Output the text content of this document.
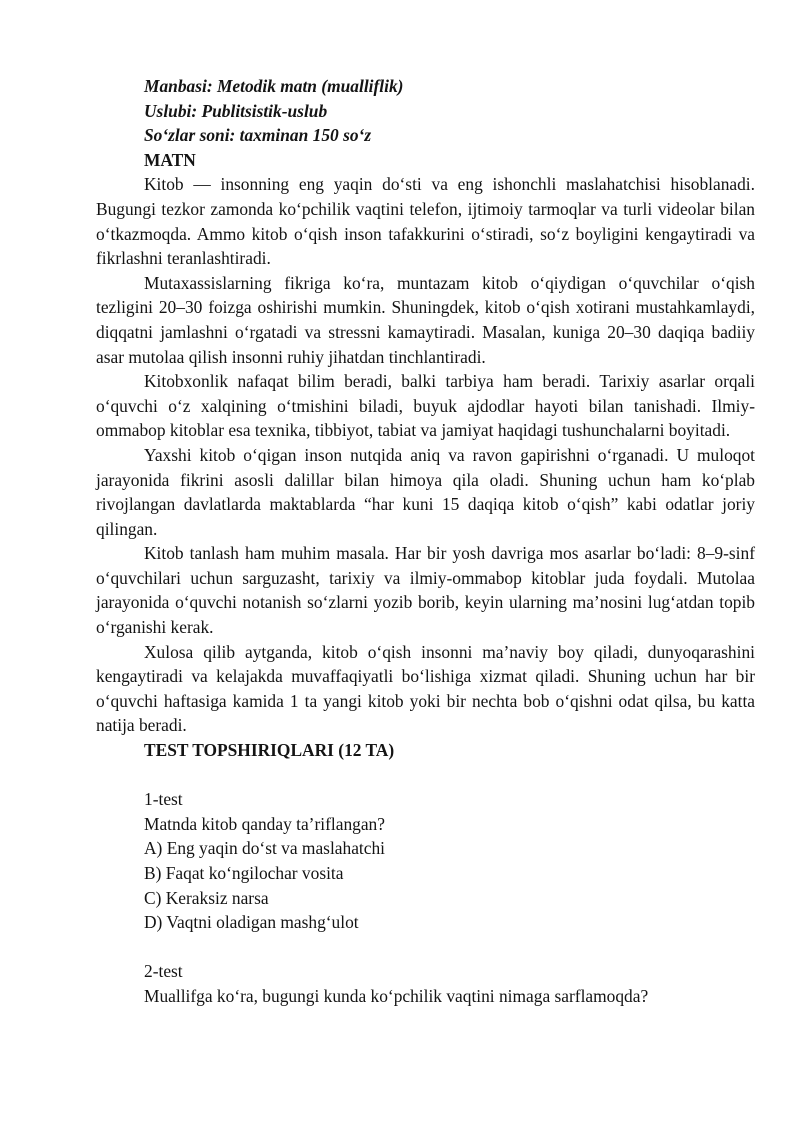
Manbasi: Metodik matn (mualliflik)

Uslubi: Publitsistik-uslub

So‘zlar soni: taxminan 150 so‘z

MATN

Kitob — insonning eng yaqin do‘sti va eng ishonchli maslahatchisi hisoblanadi. Bugungi tezkor zamonda ko‘pchilik vaqtini telefon, ijtimoiy tarmoqlar va turli videolar bilan o‘tkazmoqda. Ammo kitob o‘qish inson tafakkurini o‘stiradi, so‘z boyligini kengaytiradi va fikrlashni teranlashtiradi.

Mutaxassislarning fikriga ko‘ra, muntazam kitob o‘qiydigan o‘quvchilar o‘qish tezligini 20–30 foizga oshirishi mumkin. Shuningdek, kitob o‘qish xotirani mustahkamlaydi, diqqatni jamlashni o‘rgatadi va stressni kamaytiradi. Masalan, kuniga 20–30 daqiqa badiiy asar mutolaa qilish insonni ruhiy jihatdan tinchlantiradi.

Kitobxonlik nafaqat bilim beradi, balki tarbiya ham beradi. Tarixiy asarlar orqali o‘quvchi o‘z xalqining o‘tmishini biladi, buyuk ajdodlar hayoti bilan tanishadi. Ilmiy-ommabop kitoblar esa texnika, tibbiyot, tabiat va jamiyat haqidagi tushunchalarni boyitadi.

Yaxshi kitob o‘qigan inson nutqida aniq va ravon gapirishni o‘rganadi. U muloqot jarayonida fikrini asosli dalillar bilan himoya qila oladi. Shuning uchun ham ko‘plab rivojlangan davlatlarda maktablarda “har kuni 15 daqiqa kitob o‘qish” kabi odatlar joriy qilingan.

Kitob tanlash ham muhim masala. Har bir yosh davriga mos asarlar bo‘ladi: 8–9-sinf o‘quvchilari uchun sarguzasht, tarixiy va ilmiy-ommabop kitoblar juda foydali. Mutolaa jarayonida o‘quvchi notanish so‘zlarni yozib borib, keyin ularning ma’nosini lug‘atdan topib o‘rganishi kerak.

Xulosa qilib aytganda, kitob o‘qish insonni ma’naviy boy qiladi, dunyoqarashini kengaytiradi va kelajakda muvaffaqiyatli bo‘lishiga xizmat qiladi. Shuning uchun har bir o‘quvchi haftasiga kamida 1 ta yangi kitob yoki bir nechta bob o‘qishni odat qilsa, bu katta natija beradi.

TEST TOPSHIRIQLARI (12 TA)

1-test
Matnda kitob qanday ta’riflangan?
A) Eng yaqin do‘st va maslahatchi
B) Faqat ko‘ngilochar vosita
C) Keraksiz narsa
D) Vaqtni oladigan mashg‘ulot
2-test
Muallifga ko‘ra, bugungi kunda ko‘pchilik vaqtini nimaga sarflamoqda?
